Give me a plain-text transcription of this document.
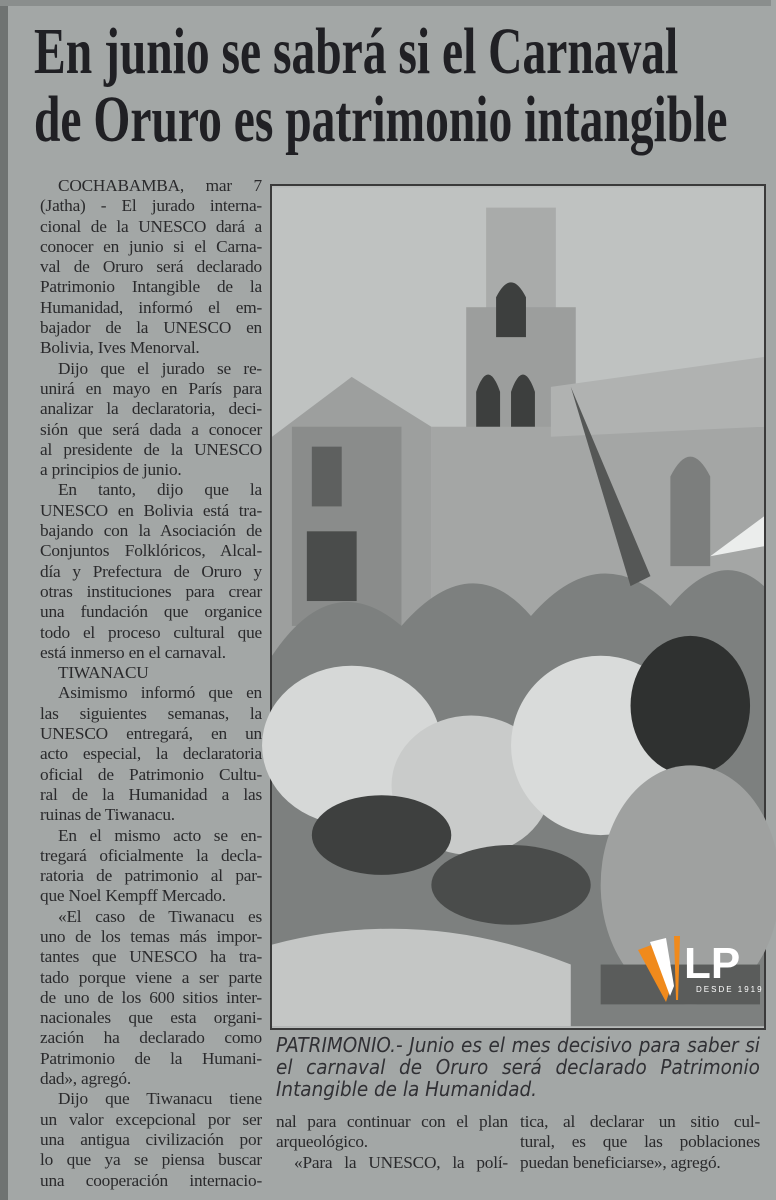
En junio se sabrá si el Carnaval
de Oruro es patrimonio intangible
COCHABAMBA, mar 7
(Jatha) - El jurado interna-
cional de la UNESCO dará a
conocer en junio si el Carna-
val de Oruro será declarado
Patrimonio Intangible de la
Humanidad, informó el em-
bajador de la UNESCO en
Bolivia, Ives Menorval.
Dijo que el jurado se re-
unirá en mayo en París para
analizar la declaratoria, deci-
sión que será dada a conocer
al presidente de la UNESCO
a principios de junio.
En tanto, dijo que la
UNESCO en Bolivia está tra-
bajando con la Asociación de
Conjuntos Folklóricos, Alcal-
día y Prefectura de Oruro y
otras instituciones para crear
una fundación que organice
todo el proceso cultural que
está inmerso en el carnaval.
TIWANACU
Asimismo informó que en
las siguientes semanas, la
UNESCO entregará, en un
acto especial, la declaratoria
oficial de Patrimonio Cultu-
ral de la Humanidad a las
ruinas de Tiwanacu.
En el mismo acto se en-
tregará oficialmente la decla-
ratoria de patrimonio al par-
que Noel Kempff Mercado.
«El caso de Tiwanacu es
uno de los temas más impor-
tantes que UNESCO ha tra-
tado porque viene a ser parte
de uno de los 600 sitios inter-
nacionales que esta organi-
zación ha declarado como
Patrimonio de la Humani-
dad», agregó.
Dijo que Tiwanacu tiene
un valor excepcional por ser
una antigua civilización por
lo que ya se piensa buscar
una cooperación internacio-
PATRIMONIO.- Junio es el mes decisivo para saber si
el carnaval de Oruro será declarado Patrimonio
Intangible de la Humanidad.
nal para continuar con el plan
arqueológico.
«Para la UNESCO, la polí-
tica, al declarar un sitio cul-
tural, es que las poblaciones
puedan beneficiarse», agregó.
LP
DESDE 1919
